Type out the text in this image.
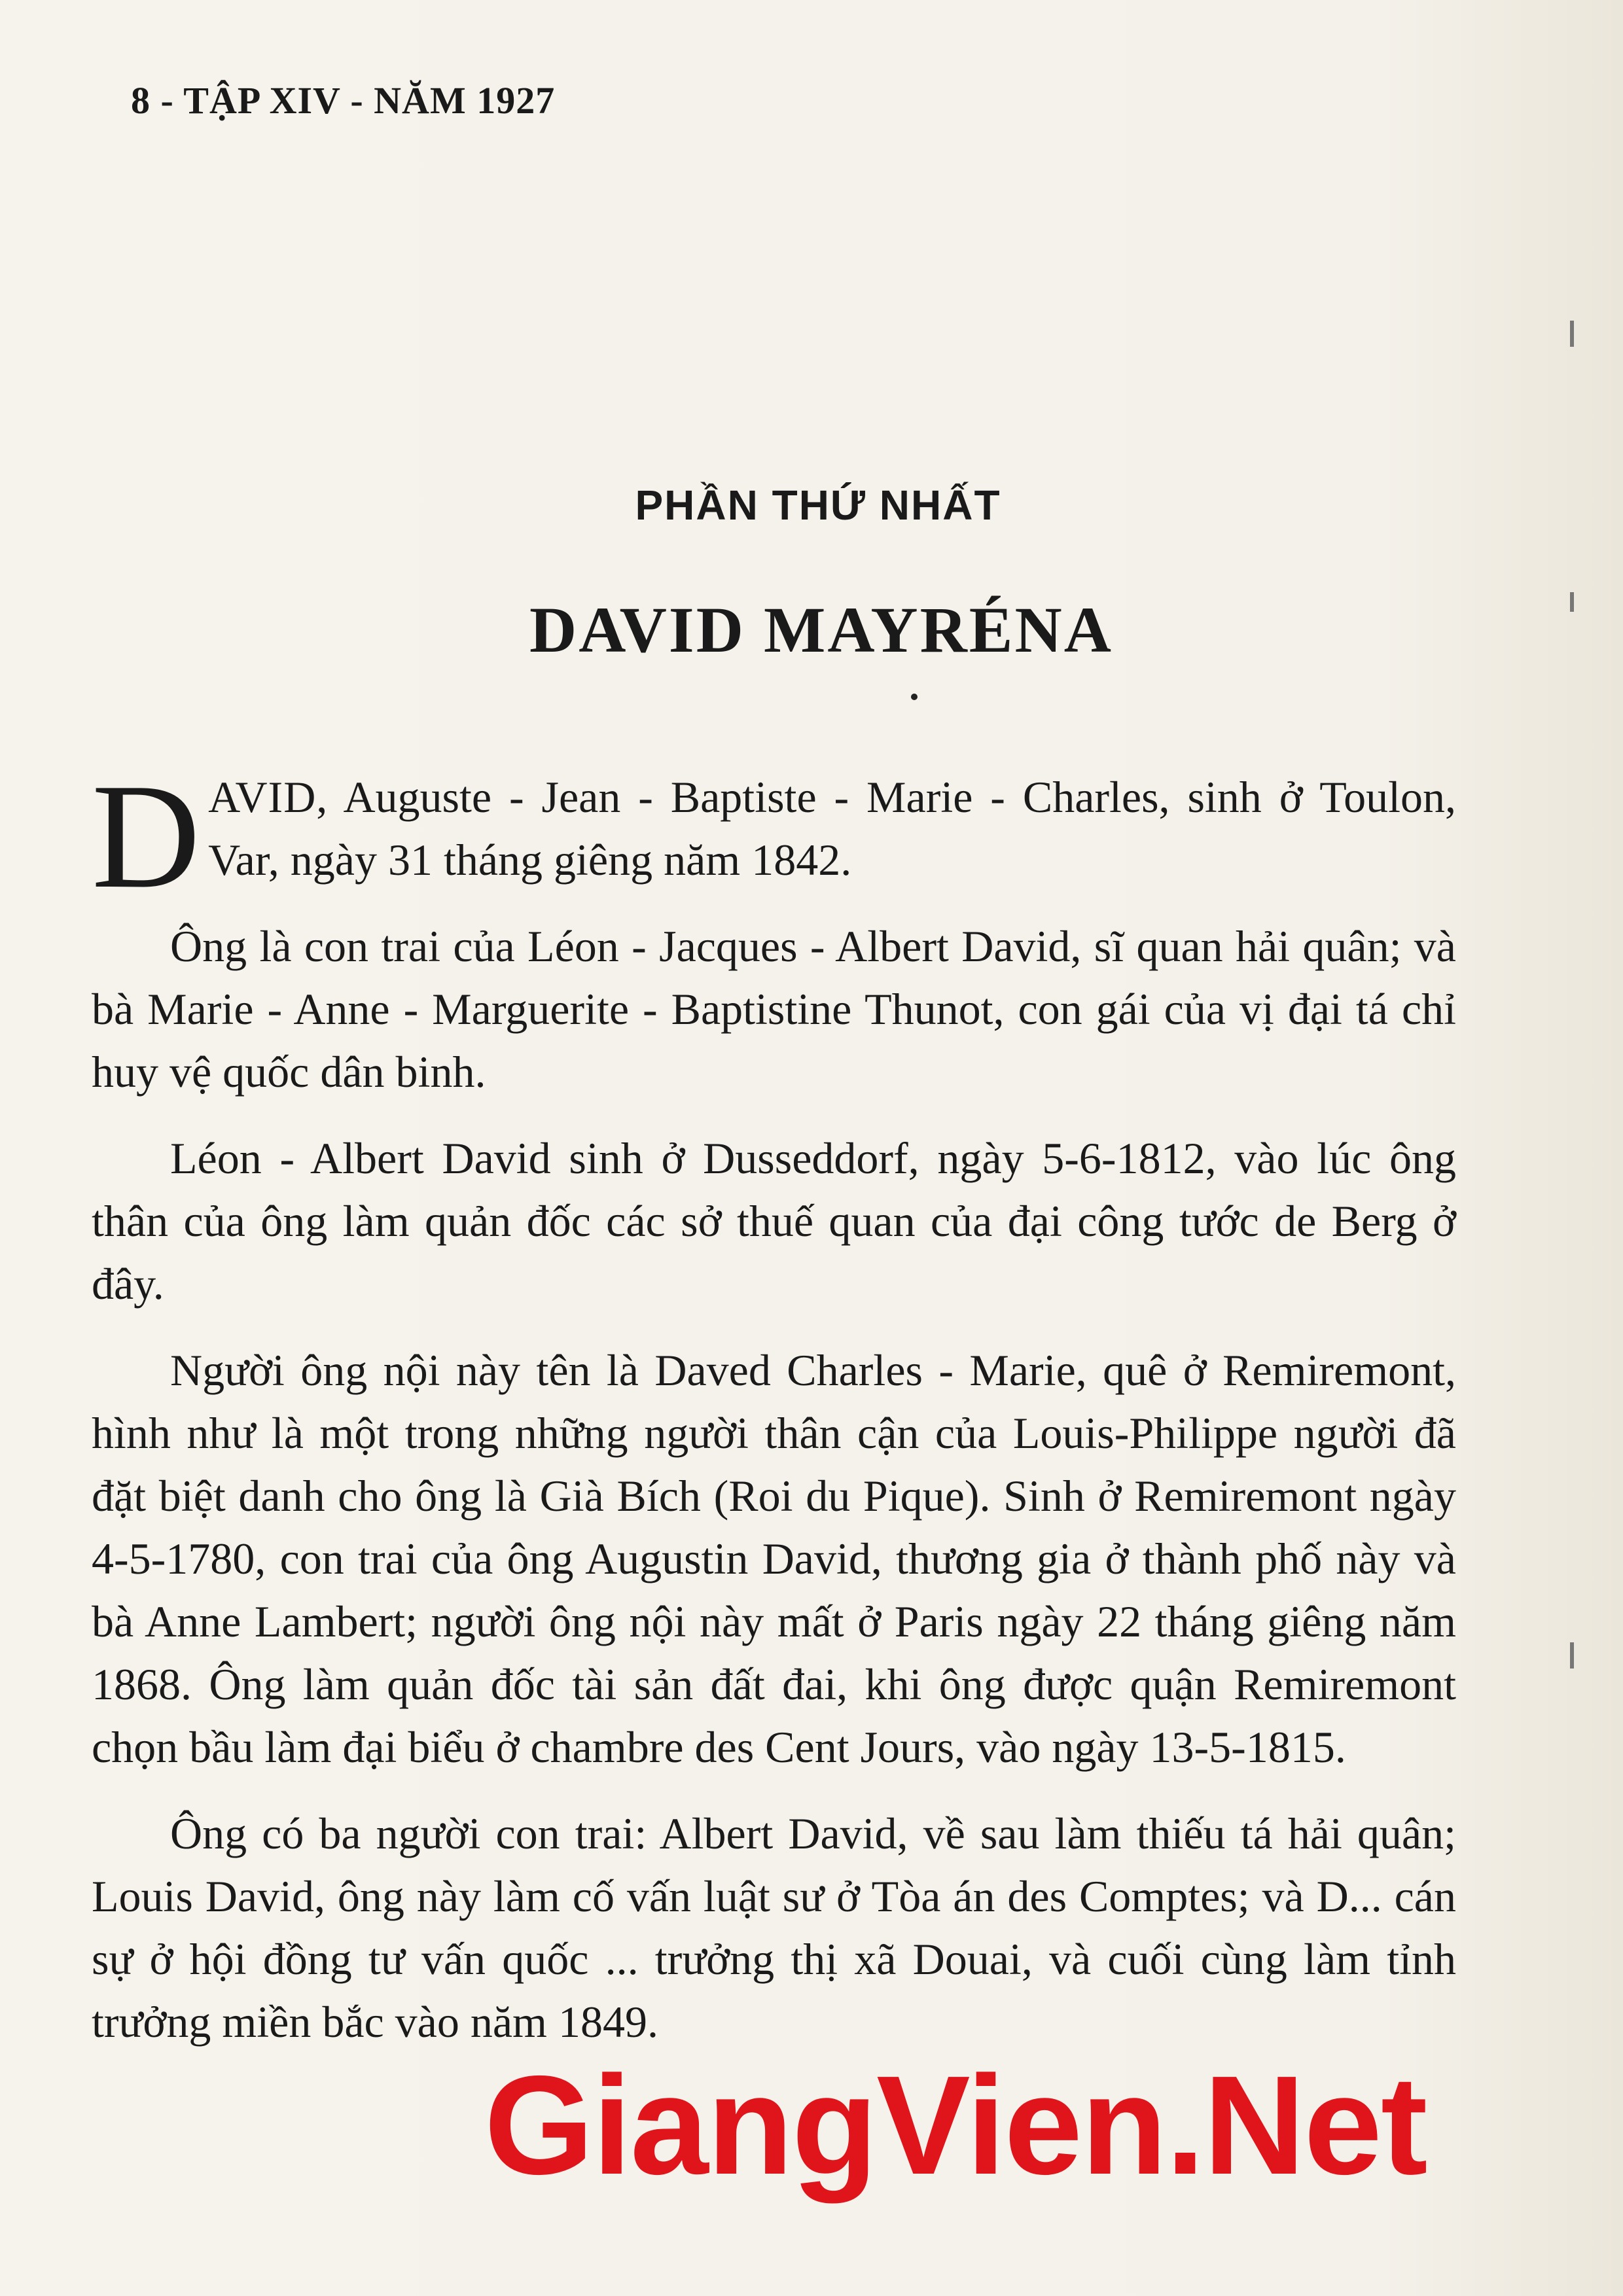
8 - TẬP XIV - NĂM 1927
PHẦN THỨ NHẤT
DAVID MAYRÉNA

DAVID, Auguste - Jean - Baptiste - Marie - Charles, sinh ở Toulon, Var, ngày 31 tháng giêng năm 1842.

Ông là con trai của Léon - Jacques - Albert David, sĩ quan hải quân; và bà Marie - Anne - Marguerite - Baptistine Thunot, con gái của vị đại tá chỉ huy vệ quốc dân binh.

Léon - Albert David sinh ở Dusseddorf, ngày 5-6-1812, vào lúc ông thân của ông làm quản đốc các sở thuế quan của đại công tước de Berg ở đây.

Người ông nội này tên là Daved Charles - Marie, quê ở Remiremont, hình như là một trong những người thân cận của Louis-Philippe người đã đặt biệt danh cho ông là Già Bích (Roi du Pique). Sinh ở Remiremont ngày 4-5-1780, con trai của ông Augustin David, thương gia ở thành phố này và bà Anne Lambert; người ông nội này mất ở Paris ngày 22 tháng giêng năm 1868. Ông làm quản đốc tài sản đất đai, khi ông được quận Remiremont chọn bầu làm đại biểu ở chambre des Cent Jours, vào ngày 13-5-1815.

Ông có ba người con trai: Albert David, về sau làm thiếu tá hải quân; Louis David, ông này làm cố vấn luật sư ở Tòa án des Comptes; và D... cán sự ở hội đồng tư vấn quốc ... trưởng thị xã Douai, và cuối cùng làm tỉnh trưởng miền bắc vào năm 1849.

GiangVien.Net
